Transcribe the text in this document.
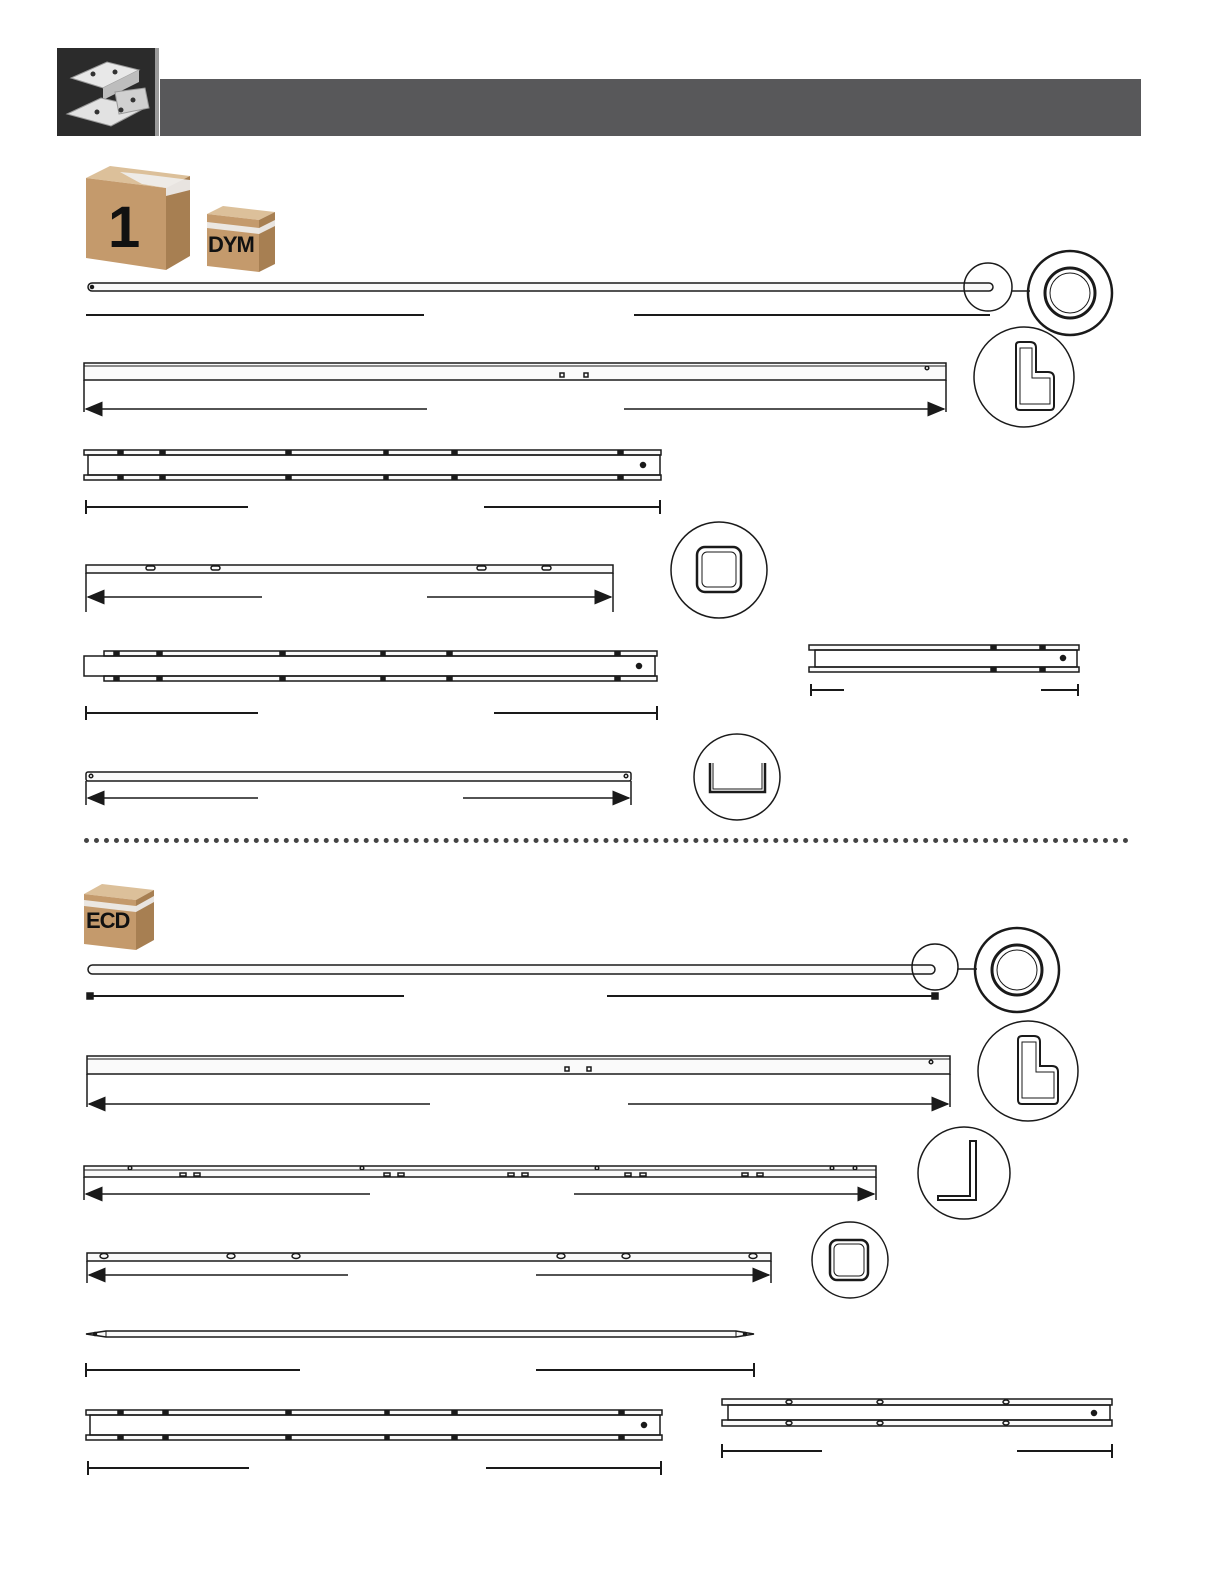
1	DYM
ECD
